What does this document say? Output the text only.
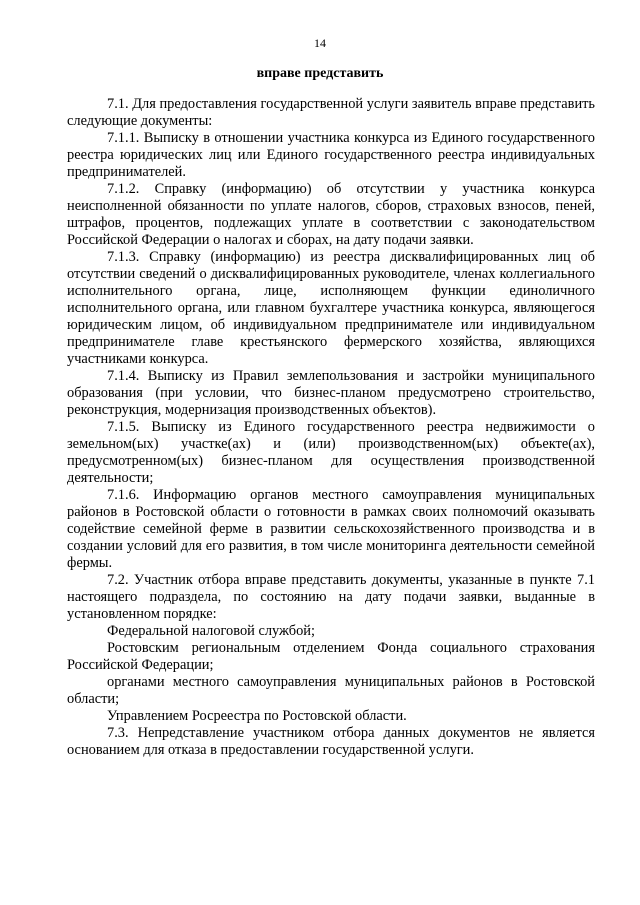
14
вправе представить

7.1. Для предоставления государственной услуги заявитель вправе представить следующие документы:

7.1.1. Выписку в отношении участника конкурса из Единого государственного реестра юридических лиц или Единого государственного реестра индивидуальных предпринимателей.

7.1.2. Справку (информацию) об отсутствии у участника конкурса неисполненной обязанности по уплате налогов, сборов, страховых взносов, пеней, штрафов, процентов, подлежащих уплате в соответствии с законодательством Российской Федерации о налогах и сборах, на дату подачи заявки.

7.1.3. Справку (информацию) из реестра дисквалифицированных лиц об отсутствии сведений о дисквалифицированных руководителе, членах коллегиального исполнительного органа, лице, исполняющем функции единоличного исполнительного органа, или главном бухгалтере участника конкурса, являющегося юридическим лицом, об индивидуальном предпринимателе или индивидуальном предпринимателе главе крестьянского фермерского хозяйства, являющихся участниками конкурса.

7.1.4. Выписку из Правил землепользования и застройки муниципального образования (при условии, что бизнес-планом предусмотрено строительство, реконструкция, модернизация производственных объектов).

7.1.5. Выписку из Единого государственного реестра недвижимости о земельном(ых) участке(ах) и (или) производственном(ых) объекте(ах), предусмотренном(ых) бизнес-планом для осуществления производственной деятельности;

7.1.6. Информацию органов местного самоуправления муниципальных районов в Ростовской области о готовности в рамках своих полномочий оказывать содействие семейной ферме в развитии сельскохозяйственного производства и в создании условий для его развития, в том числе мониторинга деятельности семейной фермы.

7.2. Участник отбора вправе представить документы, указанные в пункте 7.1 настоящего подраздела, по состоянию на дату подачи заявки, выданные в установленном порядке:

Федеральной налоговой службой;

Ростовским региональным отделением Фонда социального страхования Российской Федерации;

органами местного самоуправления муниципальных районов в Ростовской области;

Управлением Росреестра по Ростовской области.

7.3. Непредставление участником отбора данных документов не является основанием для отказа в предоставлении государственной услуги.
